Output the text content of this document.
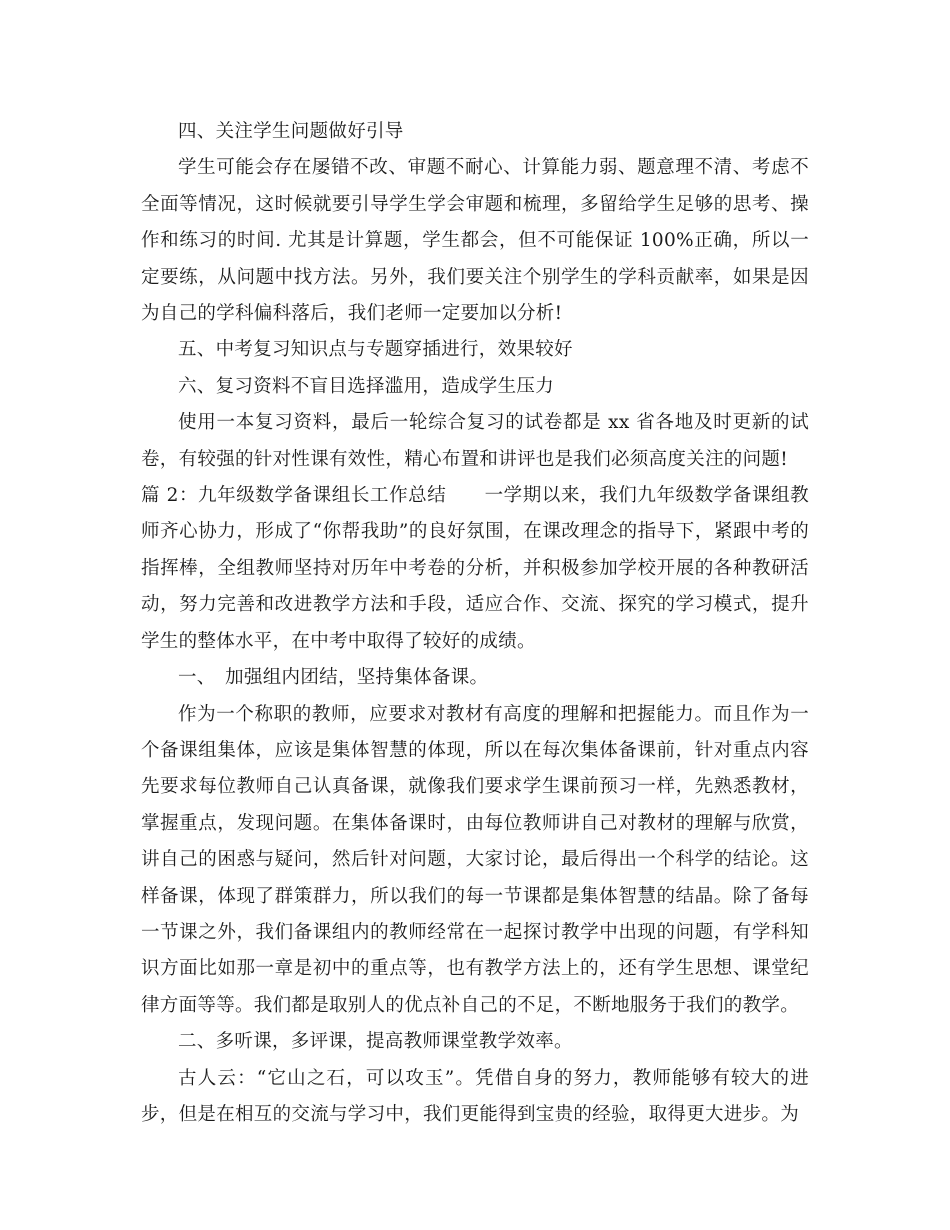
四、关注学生问题做好引导

学生可能会存在屡错不改、审题不耐心、计算能力弱、题意理不清、考虑不全面等情况，这时候就要引导学生学会审题和梳理，多留给学生足够的思考、操作和练习的时间. 尤其是计算题，学生都会，但不可能保证 100%正确，所以一定要练，从问题中找方法。另外，我们要关注个别学生的学科贡献率，如果是因为自己的学科偏科落后，我们老师一定要加以分析!

五、中考复习知识点与专题穿插进行，效果较好

六、复习资料不盲目选择滥用，造成学生压力

使用一本复习资料，最后一轮综合复习的试卷都是 xx 省各地及时更新的试卷，有较强的针对性课有效性，精心布置和讲评也是我们必须高度关注的问题!

篇 2：九年级数学备课组长工作总结　　一学期以来，我们九年级数学备课组教师齐心协力，形成了“你帮我助”的良好氛围，在课改理念的指导下，紧跟中考的指挥棒，全组教师坚持对历年中考卷的分析，并积极参加学校开展的各种教研活动，努力完善和改进教学方法和手段，适应合作、交流、探究的学习模式，提升学生的整体水平，在中考中取得了较好的成绩。

一、　加强组内团结，坚持集体备课。

作为一个称职的教师，应要求对教材有高度的理解和把握能力。而且作为一个备课组集体，应该是集体智慧的体现，所以在每次集体备课前，针对重点内容先要求每位教师自己认真备课，就像我们要求学生课前预习一样，先熟悉教材，掌握重点，发现问题。在集体备课时，由每位教师讲自己对教材的理解与欣赏，讲自己的困惑与疑问，然后针对问题，大家讨论，最后得出一个科学的结论。这样备课，体现了群策群力，所以我们的每一节课都是集体智慧的结晶。除了备每一节课之外，我们备课组内的教师经常在一起探讨教学中出现的问题，有学科知识方面比如那一章是初中的重点等，也有教学方法上的，还有学生思想、课堂纪律方面等等。我们都是取别人的优点补自己的不足，不断地服务于我们的教学。

二、多听课，多评课，提高教师课堂教学效率。

古人云：“它山之石，可以攻玉”。凭借自身的努力，教师能够有较大的进步，但是在相互的交流与学习中，我们更能得到宝贵的经验，取得更大进步。为
